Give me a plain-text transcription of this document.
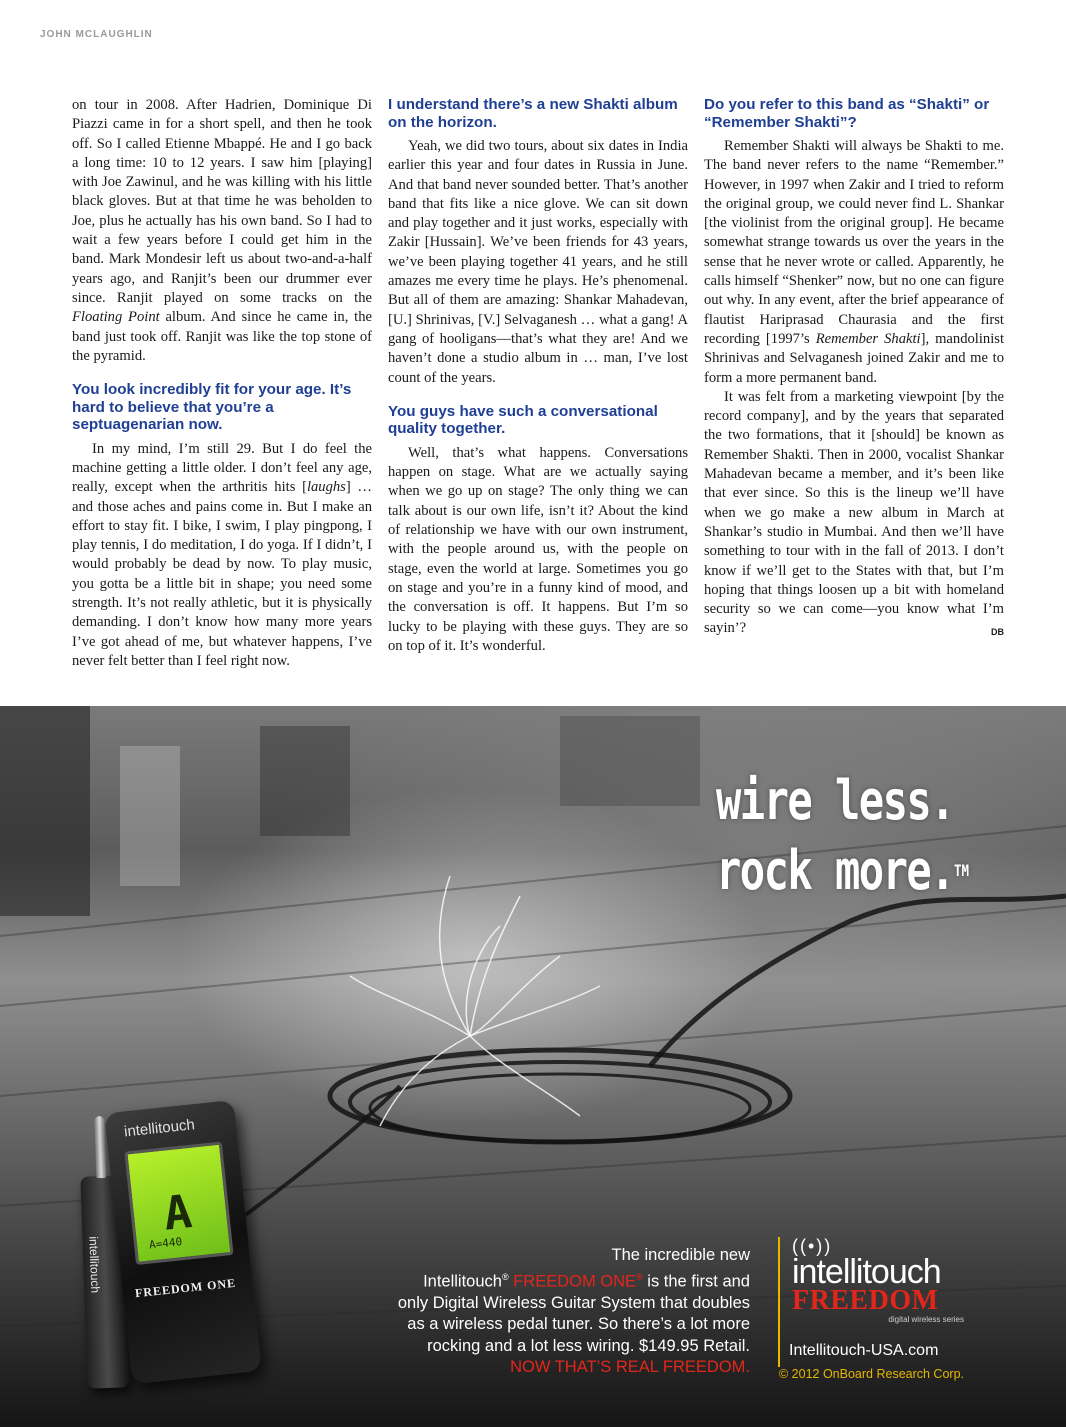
JOHN MCLAUGHLIN

on tour in 2008. After Hadrien, Dominique Di Piazzi came in for a short spell, and then he took off. So I called Etienne Mbappé. He and I go back a long time: 10 to 12 years. I saw him [playing] with Joe Zawinul, and he was killing with his little black gloves. But at that time he was beholden to Joe, plus he actually has his own band. So I had to wait a few years before I could get him in the band. Mark Mondesir left us about two-and-a-half years ago, and Ranjit’s been our drummer ever since. Ranjit played on some tracks on the Floating Point album. And since he came in, the band just took off. Ranjit was like the top stone of the pyramid.

You look incredibly fit for your age. It’s hard to believe that you’re a septuagenarian now.

In my mind, I’m still 29. But I do feel the machine getting a little older. I don’t feel any age, really, except when the arthritis hits [laughs] … and those aches and pains come in. But I make an effort to stay fit. I bike, I swim, I play pingpong, I play tennis, I do meditation, I do yoga. If I didn’t, I would probably be dead by now. To play music, you gotta be a little bit in shape; you need some strength. It’s not really athletic, but it is physically demanding. I don’t know how many more years I’ve got ahead of me, but whatever happens, I’ve never felt better than I feel right now.

I understand there’s a new Shakti album on the horizon.

Yeah, we did two tours, about six dates in India earlier this year and four dates in Russia in June. And that band never sounded better. That’s another band that fits like a nice glove. We can sit down and play together and it just works, especially with Zakir [Hussain]. We’ve been friends for 43 years, we’ve been playing together 41 years, and he still amazes me every time he plays. He’s phenomenal. But all of them are amazing: Shankar Mahadevan, [U.] Shrinivas, [V.] Selvaganesh … what a gang! A gang of hooligans—that’s what they are! And we haven’t done a studio album in … man, I’ve lost count of the years.

You guys have such a conversational quality together.

Well, that’s what happens. Conversations happen on stage. What are we actually saying when we go up on stage? The only thing we can talk about is our own life, isn’t it? About the kind of relationship we have with our own instrument, with the people around us, with the people on stage, even the world at large. Sometimes you go on stage and you’re in a funny kind of mood, and the conversation is off. It happens. But I’m so lucky to be playing with these guys. They are so on top of it. It’s wonderful.

Do you refer to this band as “Shakti” or “Remember Shakti”?

Remember Shakti will always be Shakti to me. The band never refers to the name “Remember.” However, in 1997 when Zakir and I tried to reform the original group, we could never find L. Shankar [the violinist from the original group]. He became somewhat strange towards us over the years in the sense that he never wrote or called. Apparently, he calls himself “Shenker” now, but no one can figure out why. In any event, after the brief appearance of flautist Hariprasad Chaurasia and the first recording [1997’s Remember Shakti], mandolinist Shrinivas and Selvaganesh joined Zakir and me to form a more permanent band.

It was felt from a marketing viewpoint [by the record company], and by the years that separated the two formations, that it [should] be known as Remember Shakti. Then in 2000, vocalist Shankar Mahadevan became a member, and it’s been like that ever since. So this is the lineup we’ll have when we go make a new album in March at Shankar’s studio in Mumbai. And then we’ll have something to tour with in the fall of 2013. I don’t know if we’ll get to the States with that, but I’m hoping that things loosen up a bit with homeland security so we can come—you know what I’m sayin’?	DB

wire less.
rock more.™
intellitouch
intellitouch
A
A=440
FREEDOM ONE
The incredible new
Intellitouch® FREEDOM ONE® is the first and
only Digital Wireless Guitar System that doubles
as a wireless pedal tuner. So there’s a lot more
rocking and a lot less wiring. $149.95 Retail.
NOW THAT’S REAL FREEDOM.
((•))
intellitouch
FREEDOM
digital wireless series
Intellitouch-USA.com
© 2012 OnBoard Research Corp.
